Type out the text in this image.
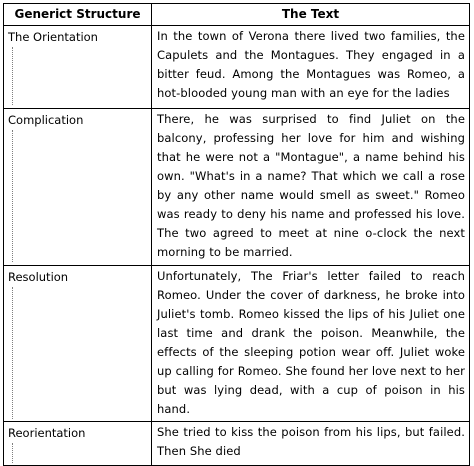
Generict Structure	The Text
The Orientation	In the town of Verona there lived two families, the Capulets and the Montagues. They engaged in a bitter feud. Among the Montagues was Romeo, a hot-blooded young man with an eye for the ladies
Complication	There, he was surprised to find Juliet on the balcony, professing her love for him and wishing that he were not a "Montague", a name behind his own. "What's in a name? That which we call a rose by any other name would smell as sweet." Romeo was ready to deny his name and professed his love. The two agreed to meet at nine o-clock the next morning to be married.
Resolution	Unfortunately, The Friar's letter failed to reach Romeo. Under the cover of darkness, he broke into Juliet's tomb. Romeo kissed the lips of his Juliet one last time and drank the poison. Meanwhile, the effects of the sleeping potion wear off. Juliet woke up calling for Romeo. She found her love next to her but was lying dead, with a cup of poison in his hand.
Reorientation	She tried to kiss the poison from his lips, but failed. Then She died
